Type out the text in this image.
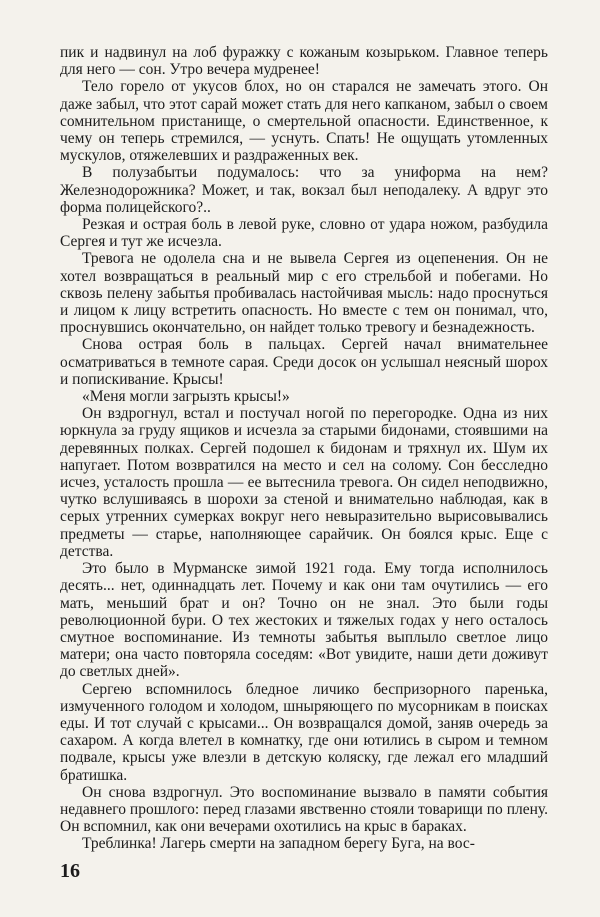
пик и надвинул на лоб фуражку с кожаным козырьком. Главное теперь для него — сон. Утро вечера мудренее!

Тело горело от укусов блох, но он старался не замечать этого. Он даже забыл, что этот сарай может стать для него капканом, забыл о своем сомнительном пристанище, о смертельной опасности. Единственное, к чему он теперь стремился, — уснуть. Спать! Не ощущать утомленных мускулов, отяжелевших и раздраженных век.

В полузабытьи подумалось: что за униформа на нем? Железнодорожника? Может, и так, вокзал был неподалеку. А вдруг это форма полицейского?..

Резкая и острая боль в левой руке, словно от удара ножом, разбудила Сергея и тут же исчезла.

Тревога не одолела сна и не вывела Сергея из оцепенения. Он не хотел возвращаться в реальный мир с его стрельбой и побегами. Но сквозь пелену забытья пробивалась настойчивая мысль: надо проснуться и лицом к лицу встретить опасность. Но вместе с тем он понимал, что, проснувшись окончательно, он найдет только тревогу и безнадежность.

Снова острая боль в пальцах. Сергей начал внимательнее осматриваться в темноте сарая. Среди досок он услышал неясный шорох и попискивание. Крысы!

«Меня могли загрызть крысы!»

Он вздрогнул, встал и постучал ногой по перегородке. Одна из них юркнула за груду ящиков и исчезла за старыми бидонами, стоявшими на деревянных полках. Сергей подошел к бидонам и тряхнул их. Шум их напугает. Потом возвратился на место и сел на солому. Сон бесследно исчез, усталость прошла — ее вытеснила тревога. Он сидел неподвижно, чутко вслушиваясь в шорохи за стеной и внимательно наблюдая, как в серых утренних сумерках вокруг него невыразительно вырисовывались предметы — старье, наполняющее сарайчик. Он боялся крыс. Еще с детства.

Это было в Мурманске зимой 1921 года. Ему тогда исполнилось десять... нет, одиннадцать лет. Почему и как они там очутились — его мать, меньший брат и он? Точно он не знал. Это были годы революционной бури. О тех жестоких и тяжелых годах у него осталось смутное воспоминание. Из темноты забытья выплыло светлое лицо матери; она часто повторяла соседям: «Вот увидите, наши дети доживут до светлых дней».

Сергею вспомнилось бледное личико беспризорного паренька, измученного голодом и холодом, шныряющего по мусорникам в поисках еды. И тот случай с крысами... Он возвращался домой, заняв очередь за сахаром. А когда влетел в комнатку, где они ютились в сыром и темном подвале, крысы уже влезли в детскую коляску, где лежал его младший братишка.

Он снова вздрогнул. Это воспоминание вызвало в памяти события недавнего прошлого: перед глазами явственно стояли товарищи по плену. Он вспомнил, как они вечерами охотились на крыс в бараках.

Треблинка! Лагерь смерти на западном берегу Буга, на вос-

16
